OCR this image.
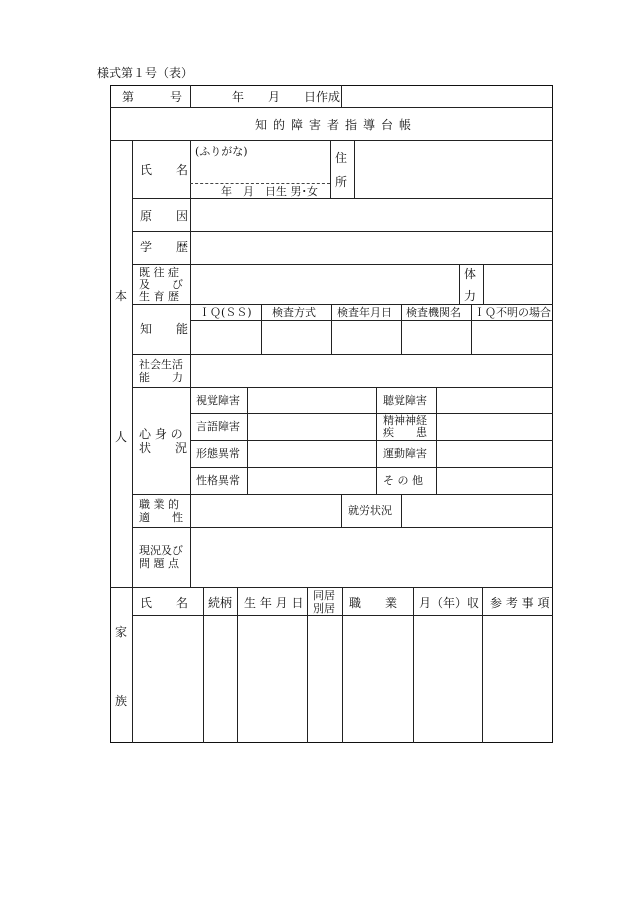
様式第１号（表）
第　　　号	年　　月　　日作成
知的障害者指導台帳
本
人
家
族
氏　　名
(ふりがな)
年　月　日生 男･女
住
所
原　　因
学　　歴
既 往 症
及　　び
生 育 歴
体
力
知　　能
ＩＱ(ＳＳ) 検査方式 検査年月日 検査機関名 ＩＱ不明の場合
社会生活
能　　力
心 身 の
状　　況
視覚障害
言語障害
形態異常
性格異常
聴覚障害
精神神経
疾　　患
運動障害
そ の 他
職 業 的
適　　性
就労状況
現況及び
問 題 点
氏　　名 続柄 生 年 月 日
同居
別居 職　　業 月（年）収 参 考 事 項
